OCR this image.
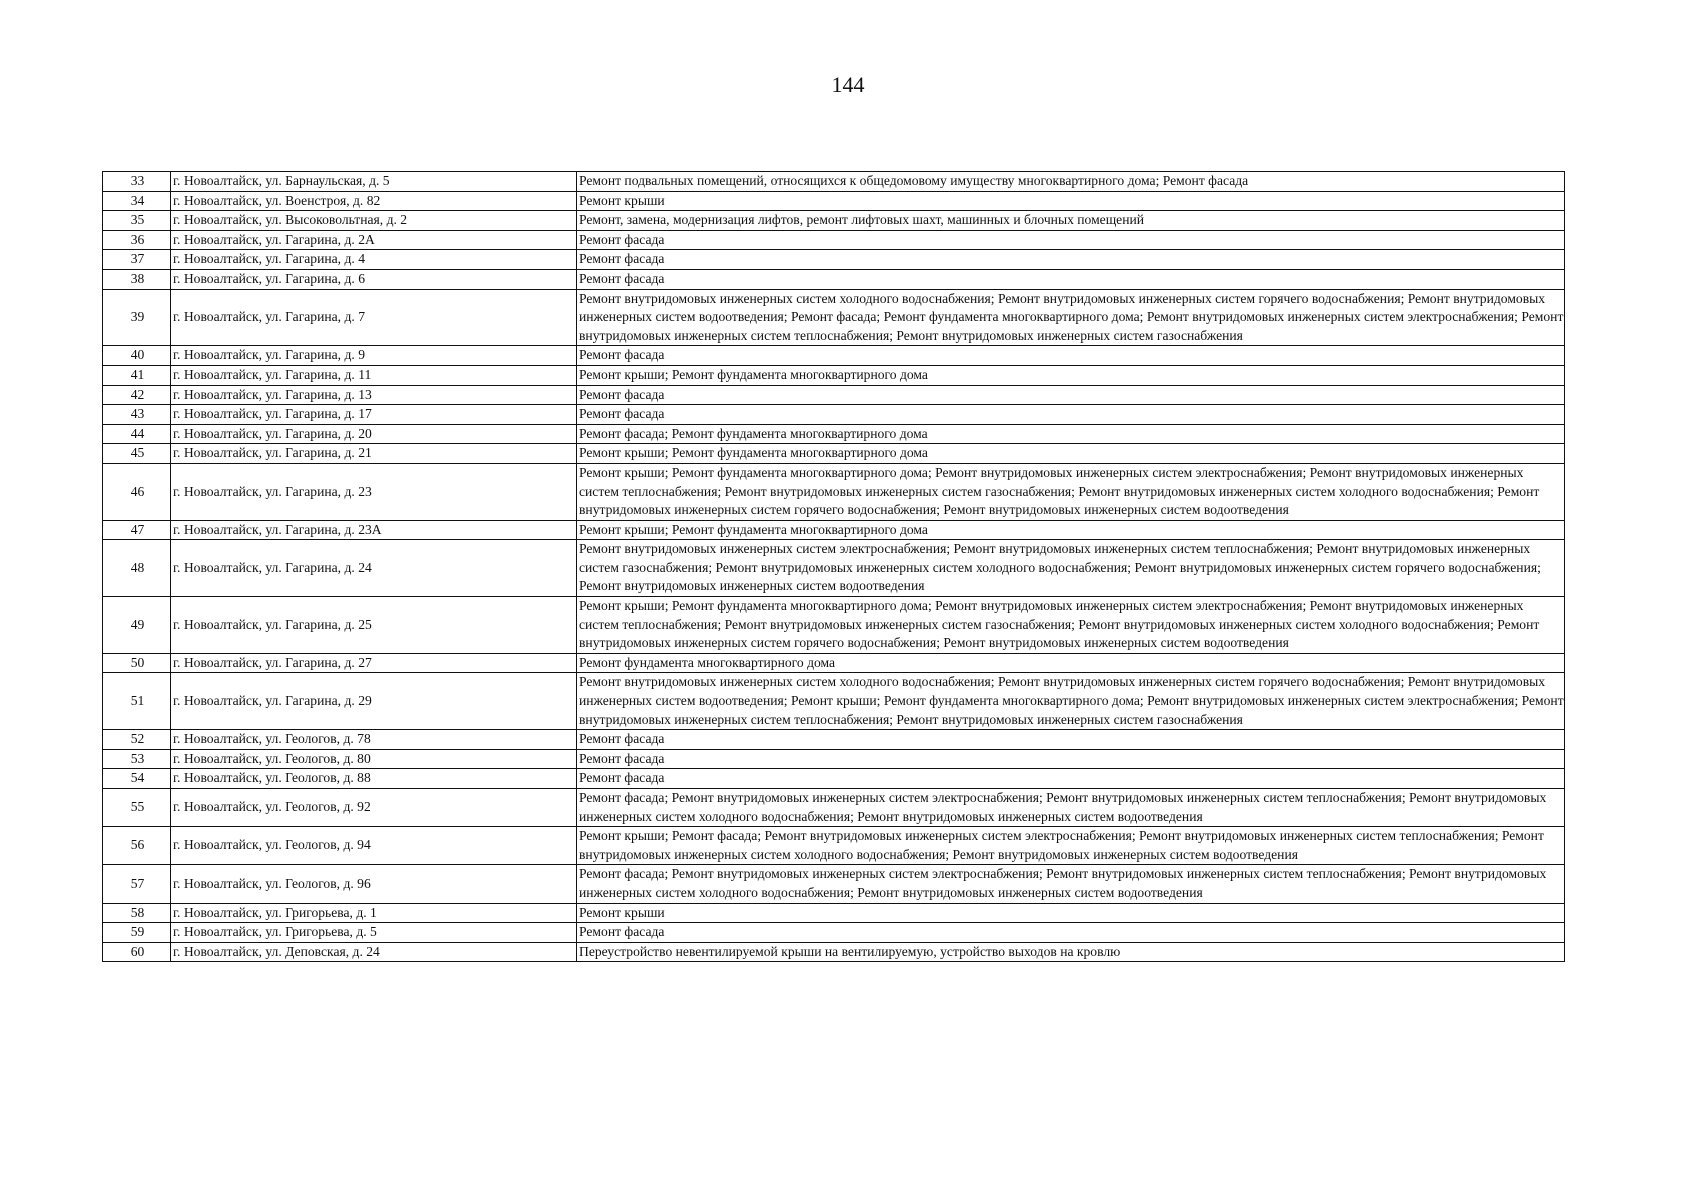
144
33	г. Новоалтайск, ул. Барнаульская, д. 5	Ремонт подвальных помещений, относящихся к общедомовому имуществу многоквартирного дома; Ремонт фасада
34	г. Новоалтайск, ул. Военстроя, д. 82	Ремонт крыши
35	г. Новоалтайск, ул. Высоковольтная, д. 2	Ремонт, замена, модернизация лифтов, ремонт лифтовых шахт, машинных и блочных помещений
36	г. Новоалтайск, ул. Гагарина, д. 2А	Ремонт фасада
37	г. Новоалтайск, ул. Гагарина, д. 4	Ремонт фасада
38	г. Новоалтайск, ул. Гагарина, д. 6	Ремонт фасада
39	г. Новоалтайск, ул. Гагарина, д. 7	Ремонт внутридомовых инженерных систем холодного водоснабжения; Ремонт внутридомовых инженерных систем горячего водоснабжения; Ремонт внутридомовых инженерных систем водоотведения; Ремонт фасада; Ремонт фундамента многоквартирного дома; Ремонт внутридомовых инженерных систем электроснабжения; Ремонт внутридомовых инженерных систем теплоснабжения; Ремонт внутридомовых инженерных систем газоснабжения
40	г. Новоалтайск, ул. Гагарина, д. 9	Ремонт фасада
41	г. Новоалтайск, ул. Гагарина, д. 11	Ремонт крыши; Ремонт фундамента многоквартирного дома
42	г. Новоалтайск, ул. Гагарина, д. 13	Ремонт фасада
43	г. Новоалтайск, ул. Гагарина, д. 17	Ремонт фасада
44	г. Новоалтайск, ул. Гагарина, д. 20	Ремонт фасада; Ремонт фундамента многоквартирного дома
45	г. Новоалтайск, ул. Гагарина, д. 21	Ремонт крыши; Ремонт фундамента многоквартирного дома
46	г. Новоалтайск, ул. Гагарина, д. 23	Ремонт крыши; Ремонт фундамента многоквартирного дома; Ремонт внутридомовых инженерных систем электроснабжения; Ремонт внутридомовых инженерных систем теплоснабжения; Ремонт внутридомовых инженерных систем газоснабжения; Ремонт внутридомовых инженерных систем холодного водоснабжения; Ремонт внутридомовых инженерных систем горячего водоснабжения; Ремонт внутридомовых инженерных систем водоотведения
47	г. Новоалтайск, ул. Гагарина, д. 23А	Ремонт крыши; Ремонт фундамента многоквартирного дома
48	г. Новоалтайск, ул. Гагарина, д. 24	Ремонт внутридомовых инженерных систем электроснабжения; Ремонт внутридомовых инженерных систем теплоснабжения; Ремонт внутридомовых инженерных систем газоснабжения; Ремонт внутридомовых инженерных систем холодного водоснабжения; Ремонт внутридомовых инженерных систем горячего водоснабжения; Ремонт внутридомовых инженерных систем водоотведения
49	г. Новоалтайск, ул. Гагарина, д. 25	Ремонт крыши; Ремонт фундамента многоквартирного дома; Ремонт внутридомовых инженерных систем электроснабжения; Ремонт внутридомовых инженерных систем теплоснабжения; Ремонт внутридомовых инженерных систем газоснабжения; Ремонт внутридомовых инженерных систем холодного водоснабжения; Ремонт внутридомовых инженерных систем горячего водоснабжения; Ремонт внутридомовых инженерных систем водоотведения
50	г. Новоалтайск, ул. Гагарина, д. 27	Ремонт фундамента многоквартирного дома
51	г. Новоалтайск, ул. Гагарина, д. 29	Ремонт внутридомовых инженерных систем холодного водоснабжения; Ремонт внутридомовых инженерных систем горячего водоснабжения; Ремонт внутридомовых инженерных систем водоотведения; Ремонт крыши; Ремонт фундамента многоквартирного дома; Ремонт внутридомовых инженерных систем электроснабжения; Ремонт внутридомовых инженерных систем теплоснабжения; Ремонт внутридомовых инженерных систем газоснабжения
52	г. Новоалтайск, ул. Геологов, д. 78	Ремонт фасада
53	г. Новоалтайск, ул. Геологов, д. 80	Ремонт фасада
54	г. Новоалтайск, ул. Геологов, д. 88	Ремонт фасада
55	г. Новоалтайск, ул. Геологов, д. 92	Ремонт фасада; Ремонт внутридомовых инженерных систем электроснабжения; Ремонт внутридомовых инженерных систем теплоснабжения; Ремонт внутридомовых инженерных систем холодного водоснабжения; Ремонт внутридомовых инженерных систем водоотведения
56	г. Новоалтайск, ул. Геологов, д. 94	Ремонт крыши; Ремонт фасада; Ремонт внутридомовых инженерных систем электроснабжения; Ремонт внутридомовых инженерных систем теплоснабжения; Ремонт внутридомовых инженерных систем холодного водоснабжения; Ремонт внутридомовых инженерных систем водоотведения
57	г. Новоалтайск, ул. Геологов, д. 96	Ремонт фасада; Ремонт внутридомовых инженерных систем электроснабжения; Ремонт внутридомовых инженерных систем теплоснабжения; Ремонт внутридомовых инженерных систем холодного водоснабжения; Ремонт внутридомовых инженерных систем водоотведения
58	г. Новоалтайск, ул. Григорьева, д. 1	Ремонт крыши
59	г. Новоалтайск, ул. Григорьева, д. 5	Ремонт фасада
60	г. Новоалтайск, ул. Деповская, д. 24	Переустройство невентилируемой крыши на вентилируемую, устройство выходов на кровлю
